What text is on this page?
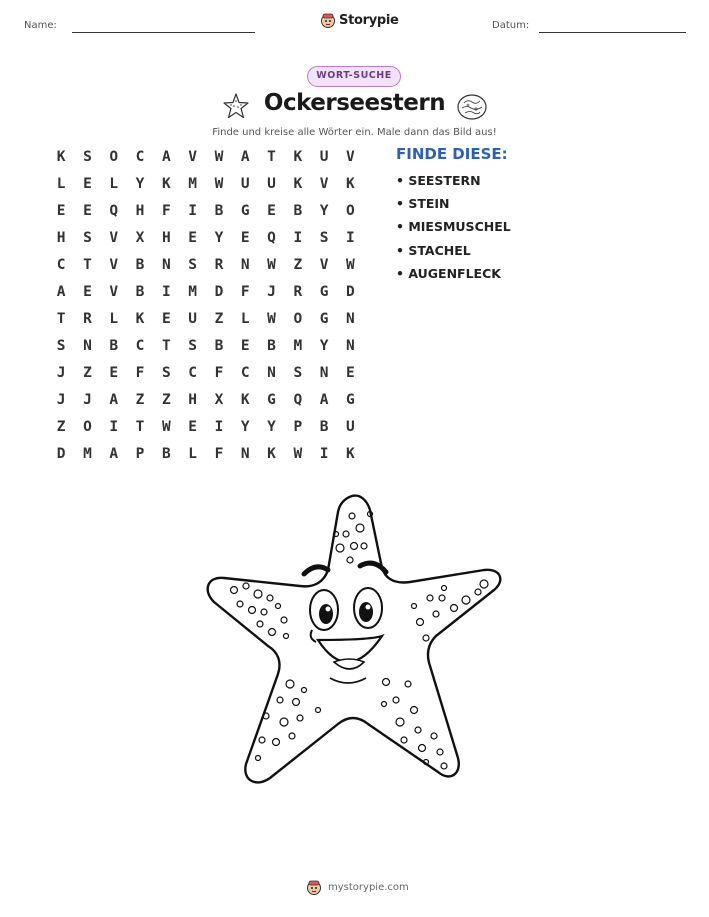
Name:	Storypie	Datum:
WORT-SUCHE
Ockerseestern
Finde und kreise alle Wörter ein. Male dann das Bild aus!
K	S	O	C	A	V	W	A	T	K	U	V
L	E	L	Y	K	M	W	U	U	K	V	K
E	E	Q	H	F	I	B	G	E	B	Y	O
H	S	V	X	H	E	Y	E	Q	I	S	I
C	T	V	B	N	S	R	N	W	Z	V	W
A	E	V	B	I	M	D	F	J	R	G	D
T	R	L	K	E	U	Z	L	W	O	G	N
S	N	B	C	T	S	B	E	B	M	Y	N
J	Z	E	F	S	C	F	C	N	S	N	E
J	J	A	Z	Z	H	X	K	G	Q	A	G
Z	O	I	T	W	E	I	Y	Y	P	B	U
D	M	A	P	B	L	F	N	K	W	I	K
FINDE DIESE:
• SEESTERN
• STEIN
• MIESMUSCHEL
• STACHEL
• AUGENFLECK
mystorypie.com
